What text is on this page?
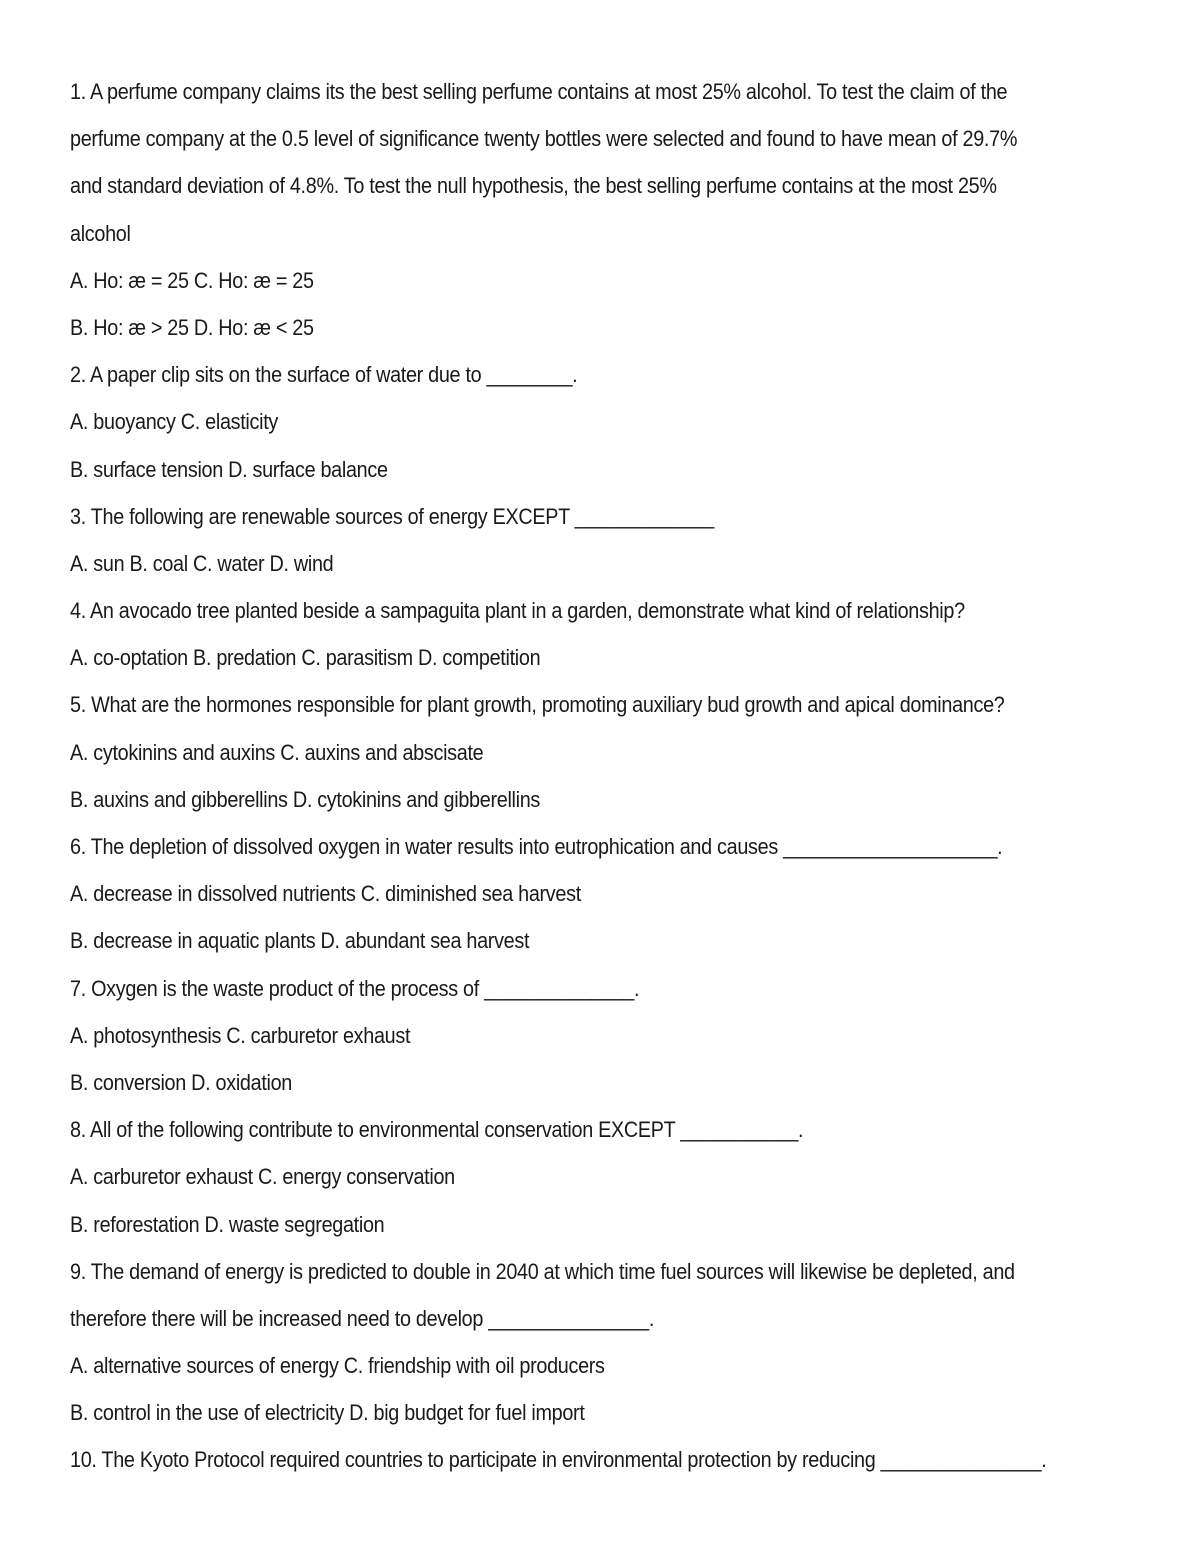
1. A perfume company claims its the best selling perfume contains at most 25% alcohol. To test the claim of the
perfume company at the 0.5 level of significance twenty bottles were selected and found to have mean of 29.7%
and standard deviation of 4.8%. To test the null hypothesis, the best selling perfume contains at the most 25%
alcohol
A. Ho: æ = 25 C. Ho: æ = 25
B. Ho: æ > 25 D. Ho: æ < 25
2. A paper clip sits on the surface of water due to ________.
A. buoyancy C. elasticity
B. surface tension D. surface balance
3. The following are renewable sources of energy EXCEPT _____________
A. sun B. coal C. water D. wind
4. An avocado tree planted beside a sampaguita plant in a garden, demonstrate what kind of relationship?
A. co-optation B. predation C. parasitism D. competition
5. What are the hormones responsible for plant growth, promoting auxiliary bud growth and apical dominance?
A. cytokinins and auxins C. auxins and abscisate
B. auxins and gibberellins D. cytokinins and gibberellins
6. The depletion of dissolved oxygen in water results into eutrophication and causes ____________________.
A. decrease in dissolved nutrients C. diminished sea harvest
B. decrease in aquatic plants D. abundant sea harvest
7. Oxygen is the waste product of the process of ______________.
A. photosynthesis C. carburetor exhaust
B. conversion D. oxidation
8. All of the following contribute to environmental conservation EXCEPT ___________.
A. carburetor exhaust C. energy conservation
B. reforestation D. waste segregation
9. The demand of energy is predicted to double in 2040 at which time fuel sources will likewise be depleted, and
therefore there will be increased need to develop _______________.
A. alternative sources of energy C. friendship with oil producers
B. control in the use of electricity D. big budget for fuel import
10. The Kyoto Protocol required countries to participate in environmental protection by reducing _______________.
